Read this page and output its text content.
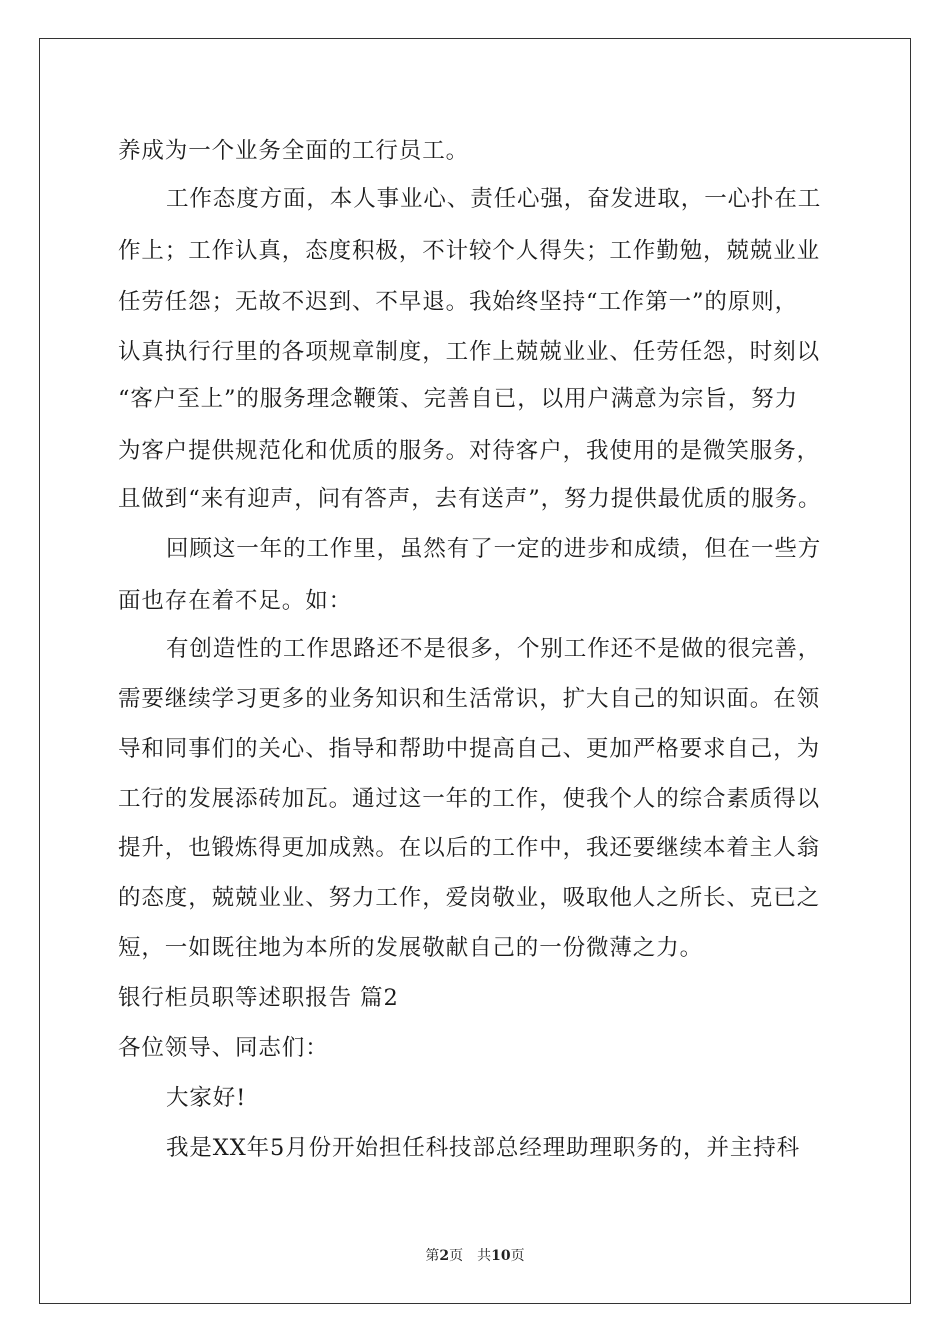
养成为一个业务全面的工行员工。
工作态度方面，本人事业心、责任心强，奋发进取，一心扑在工
作上；工作认真，态度积极，不计较个人得失；工作勤勉，兢兢业业
任劳任怨；无故不迟到、不早退。我始终坚持“工作第一”的原则，
认真执行行里的各项规章制度，工作上兢兢业业、任劳任怨，时刻以
“客户至上”的服务理念鞭策、完善自已，以用户满意为宗旨，努力
为客户提供规范化和优质的服务。对待客户，我使用的是微笑服务，
且做到“来有迎声，问有答声，去有送声”，努力提供最优质的服务。
回顾这一年的工作里，虽然有了一定的进步和成绩，但在一些方
面也存在着不足。如：
有创造性的工作思路还不是很多，个别工作还不是做的很完善，
需要继续学习更多的业务知识和生活常识，扩大自己的知识面。在领
导和同事们的关心、指导和帮助中提高自己、更加严格要求自己，为
工行的发展添砖加瓦。通过这一年的工作，使我个人的综合素质得以
提升，也锻炼得更加成熟。在以后的工作中，我还要继续本着主人翁
的态度，兢兢业业、努力工作，爱岗敬业，吸取他人之所长、克已之
短，一如既往地为本所的发展敬献自己的一份微薄之力。
银行柜员职等述职报告 篇2
各位领导、同志们：
大家好!
我是XX年5月份开始担任科技部总经理助理职务的，并主持科
第2页　共10页
